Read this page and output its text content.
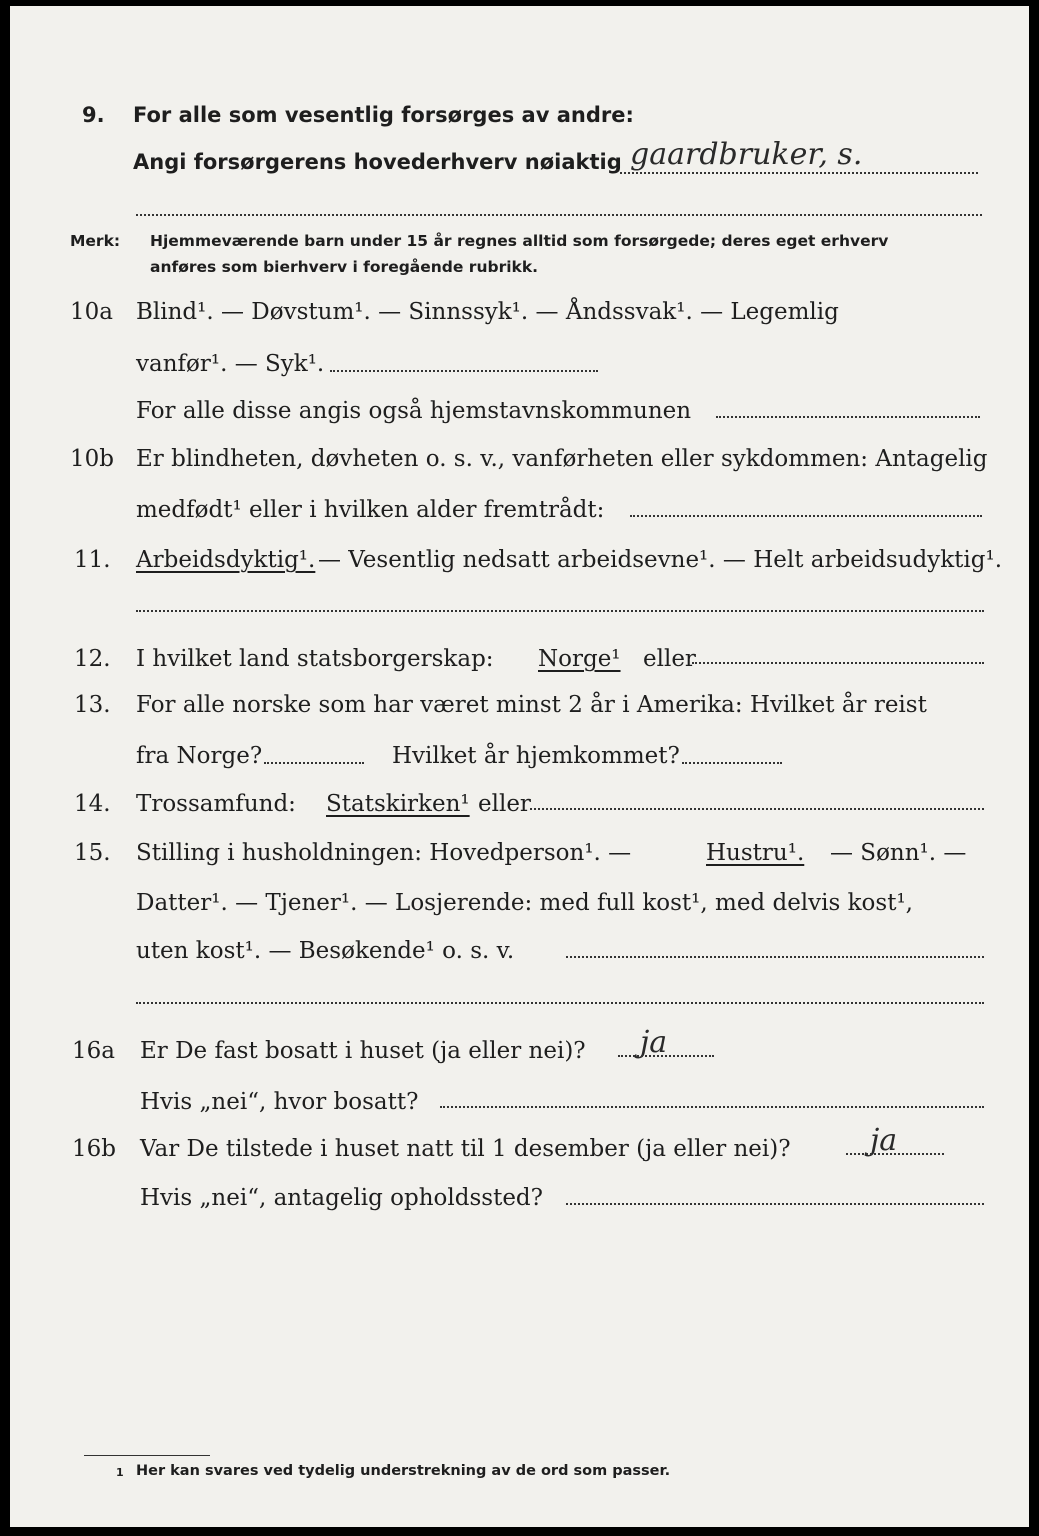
9. For alle som vesentlig forsørges av andre:
Angi forsørgerens hovederhverv nøiaktig gaardbruker, s.
Merk: Hjemmeværende barn under 15 år regnes alltid som forsørgede; deres eget erhverv
anføres som bierhverv i foregående rubrikk.
10a Blind¹. — Døvstum¹. — Sinnssyk¹. — Åndssvak¹. — Legemlig
vanfør¹. — Syk¹.
For alle disse angis også hjemstavnskommunen
10b Er blindheten, døvheten o. s. v., vanførheten eller sykdommen: Antagelig
medfødt¹ eller i hvilken alder fremtrådt:
11. Arbeidsdyktig¹. — Vesentlig nedsatt arbeidsevne¹. — Helt arbeidsudyktig¹.
12. I hvilket land statsborgerskap: Norge¹ eller
13. For alle norske som har været minst 2 år i Amerika: Hvilket år reist
fra Norge?	Hvilket år hjemkommet?
14. Trossamfund: Statskirken¹ eller
15. Stilling i husholdningen: Hovedperson¹. —	Hustru¹. — Sønn¹. —
Datter¹. — Tjener¹. — Losjerende: med full kost¹, med delvis kost¹,
uten kost¹. — Besøkende¹ o. s. v.
16a Er De fast bosatt i huset (ja eller nei)? ja
Hvis „nei“, hvor bosatt?
16b Var De tilstede i huset natt til 1 desember (ja eller nei)?	ja
Hvis „nei“, antagelig opholdssted?
1 Her kan svares ved tydelig understrekning av de ord som passer.
